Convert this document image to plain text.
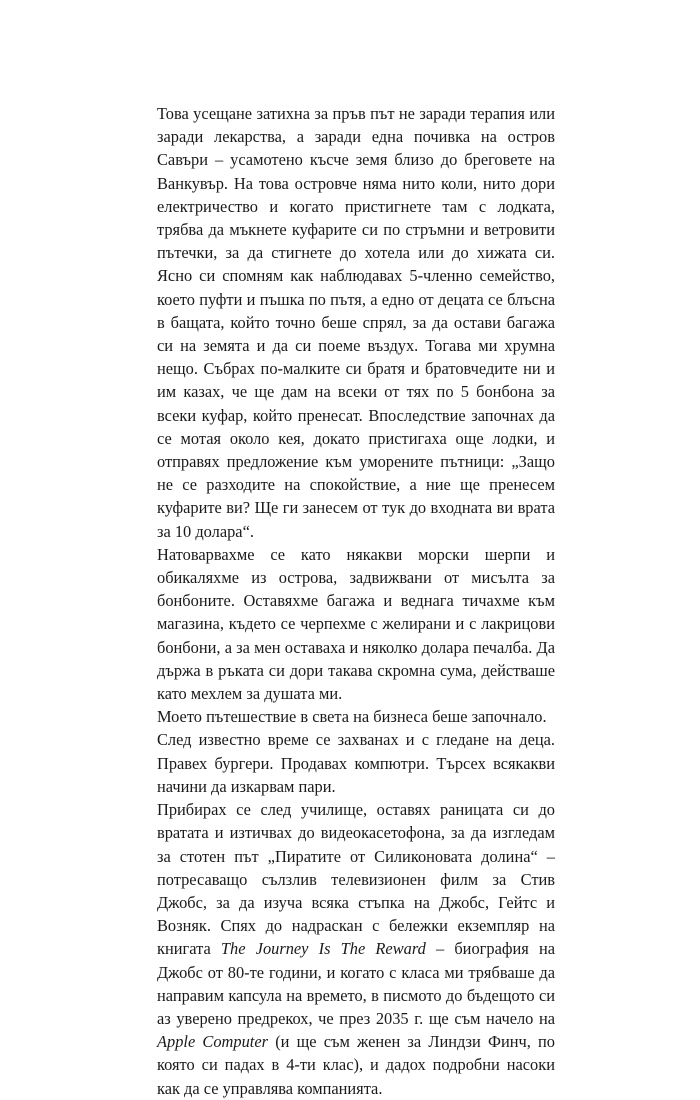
Това усещане затихна за пръв път не заради терапия или заради лекарства, а заради една почивка на остров Савъри – усамотено късче земя близо до бреговете на Ванкувър. На това островче няма нито коли, нито дори електричество и когато пристигнете там с лодката, трябва да мъкнете куфарите си по стръмни и ветровити пътечки, за да стигнете до хотела или до хижата си. Ясно си спомням как наблюдавах 5-членно семейство, което пуфти и пъшка по пътя, а едно от децата се блъсна в бащата, който точно беше спрял, за да остави багажа си на земята и да си поеме въздух. Тогава ми хрумна нещо. Събрах по-малките си братя и братовчедите ни и им казах, че ще дам на всеки от тях по 5 бонбона за всеки куфар, който пренесат. Впоследствие започнах да се мотая около кея, докато пристигаха още лодки, и отправях предложение към уморените пътници: „Защо не се разходите на спокойствие, а ние ще пренесем куфарите ви? Ще ги занесем от тук до входната ви врата за 10 долара“.

Натоварвахме се като някакви морски шерпи и обикаляхме из острова, задвижвани от мисълта за бонбоните. Оставяхме багажа и веднага тичахме към магазина, където се черпехме с желирани и с лакрицови бонбони, а за мен оставаха и няколко долара печалба. Да държа в ръката си дори такава скромна сума, действаше като мехлем за душата ми.

Моето пътешествие в света на бизнеса беше започнало.

След известно време се захванах и с гледане на деца. Правех бургери. Продавах компютри. Търсех всякакви начини да изкарвам пари.

Прибирах се след училище, оставях раницата си до вратата и изтичвах до видеокасетофона, за да изгледам за стотен път „Пиратите от Силиконовата долина“ – потресаващо сълзлив телевизионен филм за Стив Джобс, за да изуча всяка стъпка на Джобс, Гейтс и Возняк. Спях до надраскан с бележки екземпляр на книгата The Journey Is The Reward – биография на Джобс от 80-те години, и когато с класа ми трябваше да направим капсула на времето, в писмото до бъдещото си аз уверено предрекох, че през 2035 г. ще съм начело на Apple Computer (и ще съм женен за Линдзи Финч, по която си падах в 4-ти клас), и дадох подробни насоки как да се управлява компанията.
